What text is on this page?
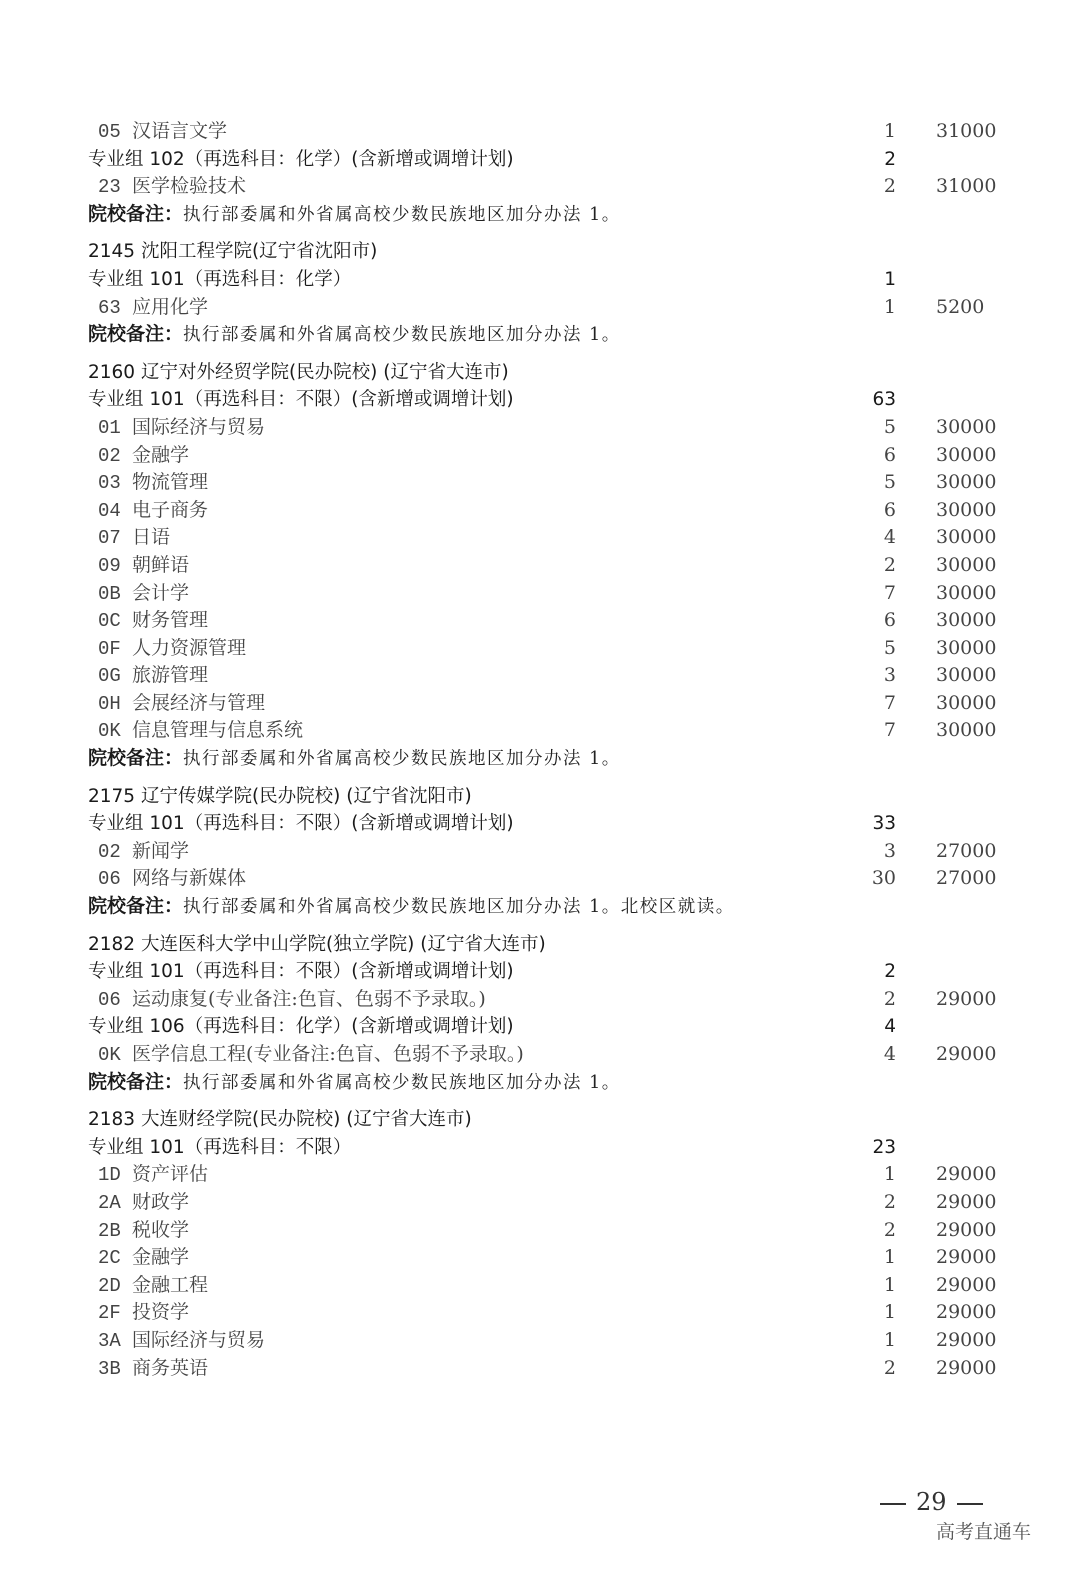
05 汉语言文学	1 31000
专业组 102（再选科目：化学）(含新增或调增计划)	2
23 医学检验技术	2 31000
院校备注：执行部委属和外省属高校少数民族地区加分办法 1。
2145 沈阳工程学院(辽宁省沈阳市)
专业组 101（再选科目：化学）	1
63 应用化学	1 5200
院校备注：执行部委属和外省属高校少数民族地区加分办法 1。
2160 辽宁对外经贸学院(民办院校) (辽宁省大连市)
专业组 101（再选科目：不限）(含新增或调增计划)	63
01 国际经济与贸易	5 30000
02 金融学	6 30000
03 物流管理	5 30000
04 电子商务	6 30000
07 日语	4 30000
09 朝鲜语	2 30000
0B 会计学	7 30000
0C 财务管理	6 30000
0F 人力资源管理	5 30000
0G 旅游管理	3 30000
0H 会展经济与管理	7 30000
0K 信息管理与信息系统	7 30000
院校备注：执行部委属和外省属高校少数民族地区加分办法 1。
2175 辽宁传媒学院(民办院校) (辽宁省沈阳市)
专业组 101（再选科目：不限）(含新增或调增计划)	33
02 新闻学	3 27000
06 网络与新媒体	30 27000
院校备注：执行部委属和外省属高校少数民族地区加分办法 1。北校区就读。
2182 大连医科大学中山学院(独立学院) (辽宁省大连市)
专业组 101（再选科目：不限）(含新增或调增计划)	2
06 运动康复(专业备注:色盲、色弱不予录取。)	2 29000
专业组 106（再选科目：化学）(含新增或调增计划)	4
0K 医学信息工程(专业备注:色盲、色弱不予录取。)	4 29000
院校备注：执行部委属和外省属高校少数民族地区加分办法 1。
2183 大连财经学院(民办院校) (辽宁省大连市)
专业组 101（再选科目：不限）	23
1D 资产评估	1 29000
2A 财政学	2 29000
2B 税收学	2 29000
2C 金融学	1 29000
2D 金融工程	1 29000
2F 投资学	1 29000
3A 国际经济与贸易	1 29000
3B 商务英语	2 29000
29
高考直通车
